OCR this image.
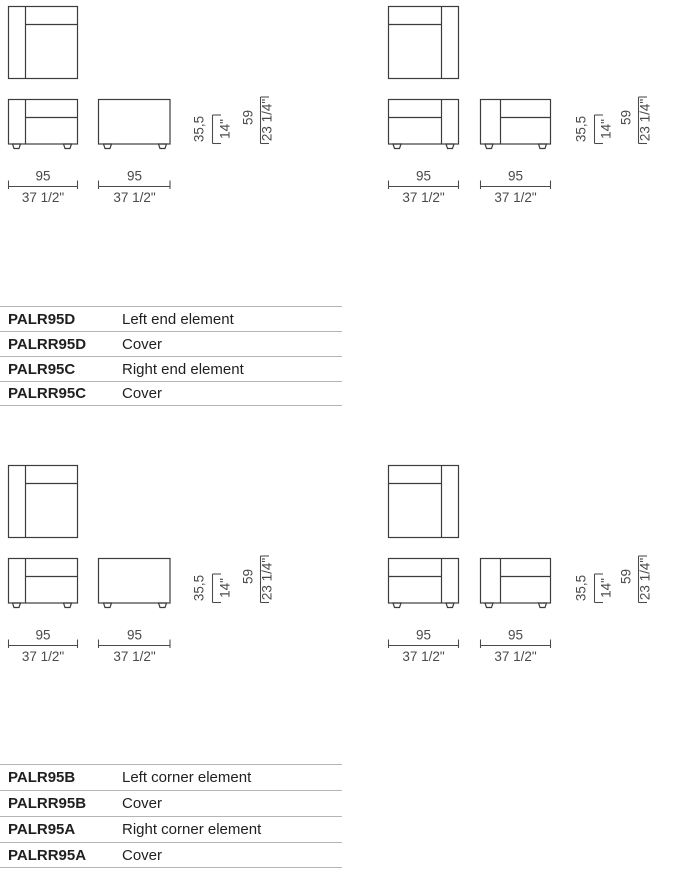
35,5 14"
59 23 1/4"
95
37 1/2"
95
37 1/2"
35,5 14"
59 23 1/4"
95
37 1/2"
95
37 1/2"
PALR95D	Left end element
PALRR95D	Cover
PALR95C	Right end element
PALRR95C	Cover
35,5 14"
59 23 1/4"
95
37 1/2"
95
37 1/2"
35,5 14"
59 23 1/4"
95
37 1/2"
95
37 1/2"
PALR95B	Left corner element
PALRR95B	Cover
PALR95A	Right corner element
PALRR95A	Cover
